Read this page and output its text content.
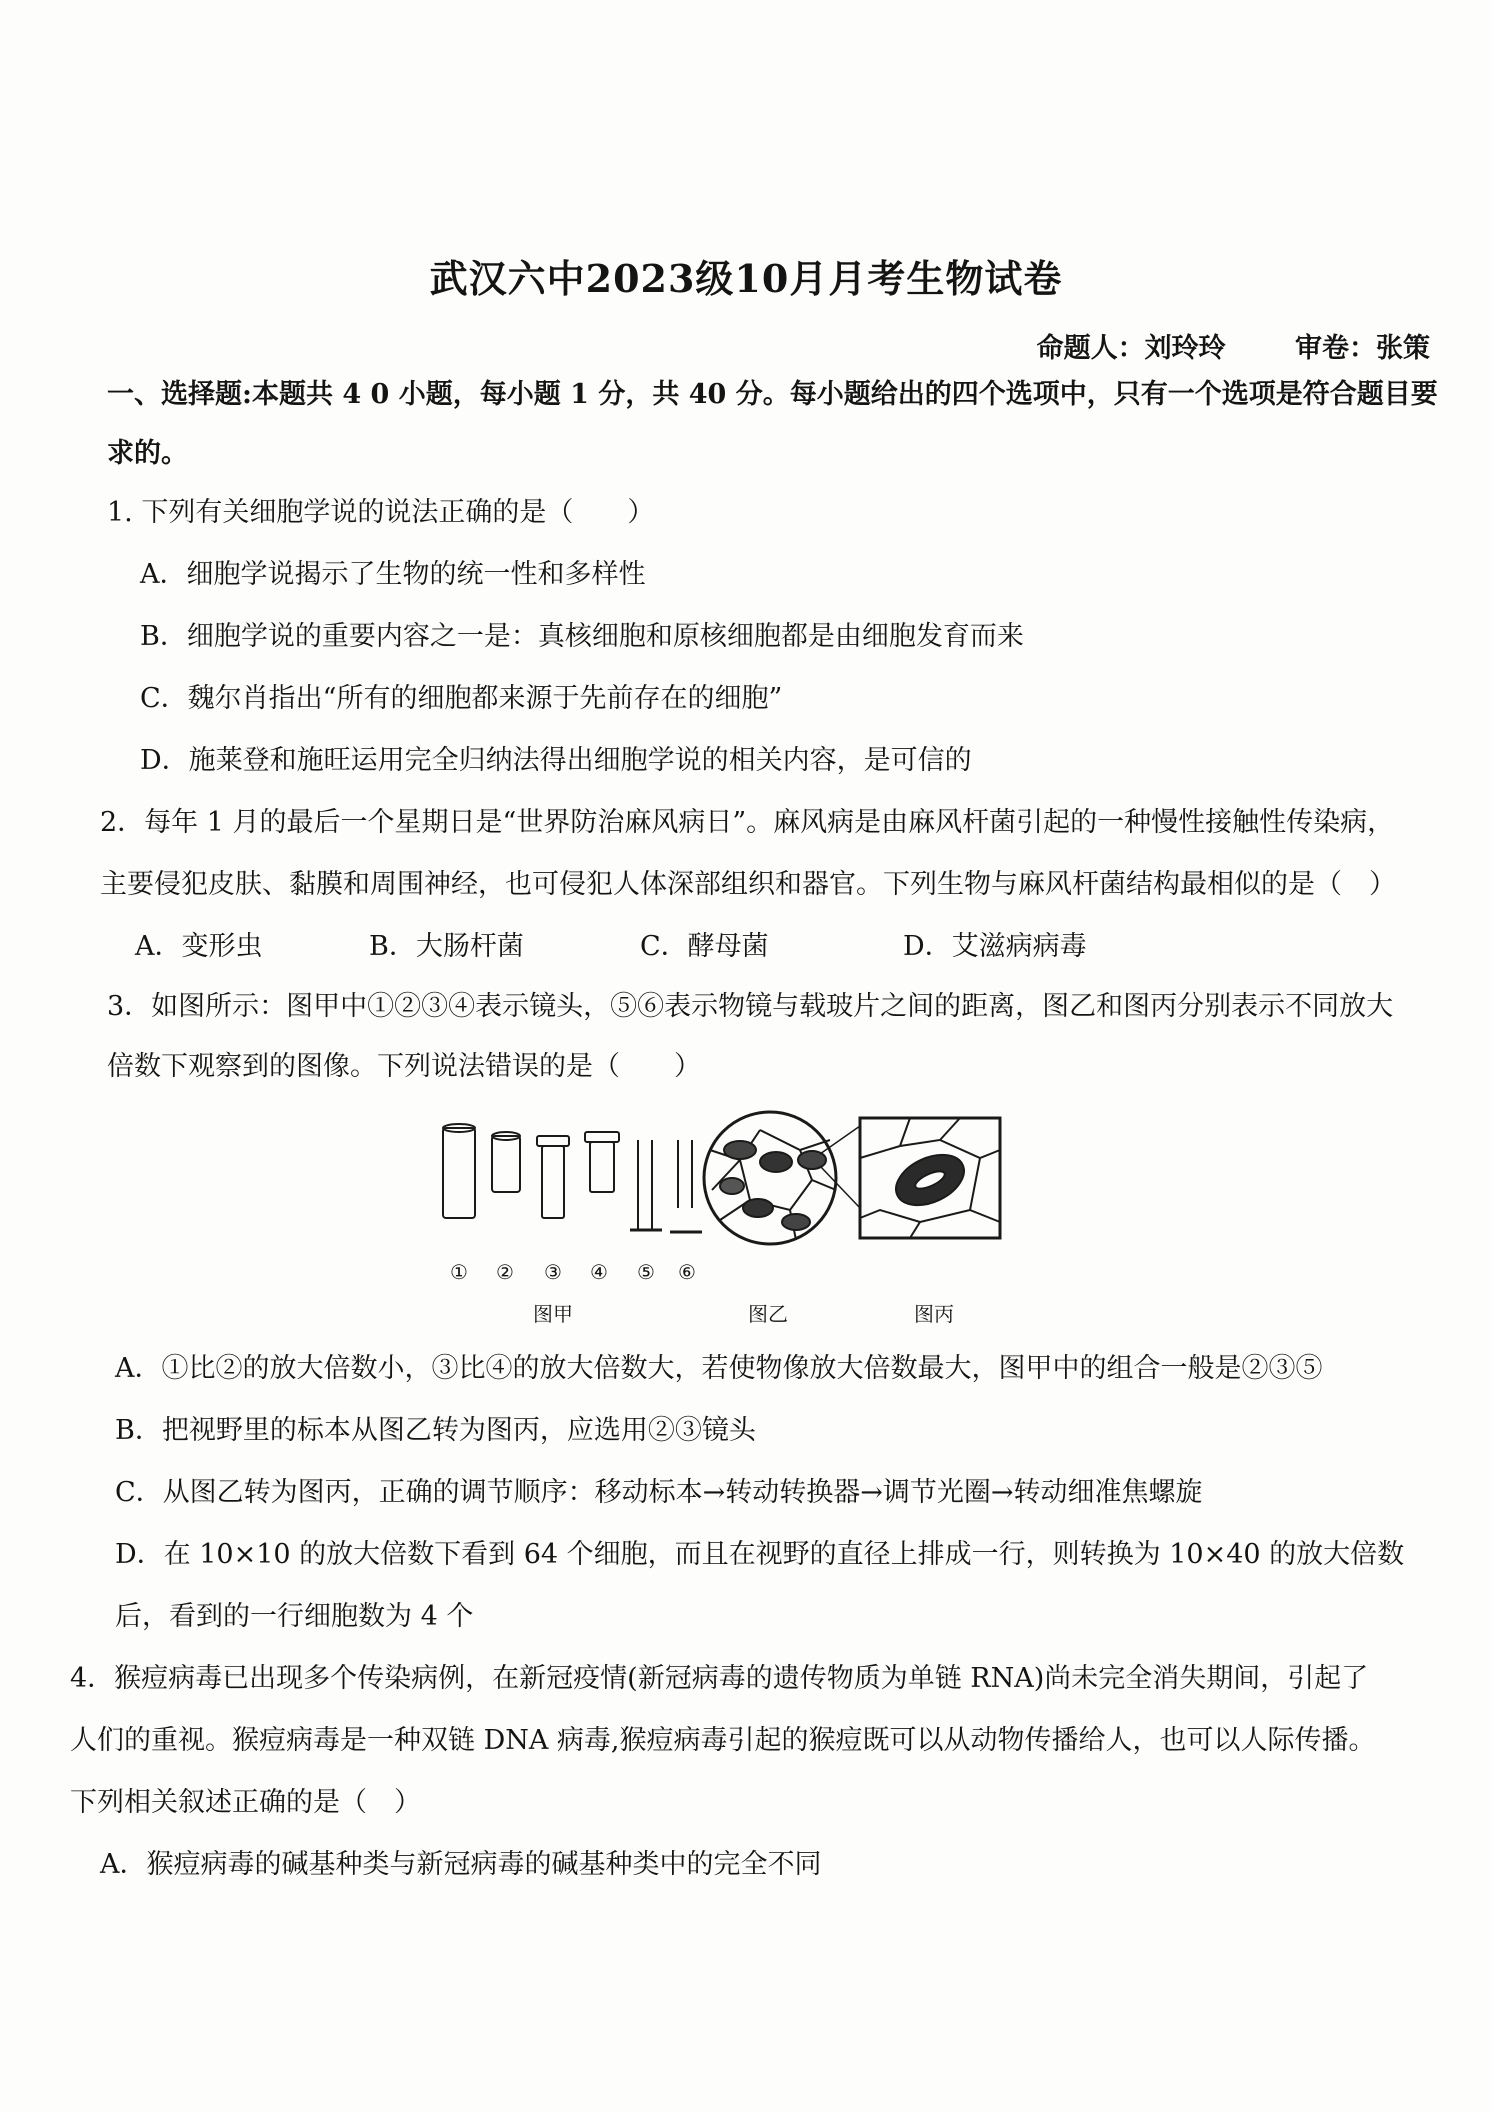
武汉六中2023级10月月考生物试卷
命题人：刘玲玲	审卷：张策
一、选择题:本题共 4 0 小题，每小题 1 分，共 40 分。每小题给出的四个选项中，只有一个选项是符合题目要
求的。
1. 下列有关细胞学说的说法正确的是（　　）
A．细胞学说揭示了生物的统一性和多样性
B．细胞学说的重要内容之一是：真核细胞和原核细胞都是由细胞发育而来
C．魏尔肖指出“所有的细胞都来源于先前存在的细胞”
D．施莱登和施旺运用完全归纳法得出细胞学说的相关内容，是可信的
2．每年 1 月的最后一个星期日是“世界防治麻风病日”。麻风病是由麻风杆菌引起的一种慢性接触性传染病，
主要侵犯皮肤、黏膜和周围神经，也可侵犯人体深部组织和器官。下列生物与麻风杆菌结构最相似的是（　）
A．变形虫	B．大肠杆菌	C．酵母菌	D．艾滋病病毒
3．如图所示：图甲中①②③④表示镜头，⑤⑥表示物镜与载玻片之间的距离，图乙和图丙分别表示不同放大
倍数下观察到的图像。下列说法错误的是（　　）
① ② ③ ④ ⑤ ⑥
图甲	图乙	图丙
A．①比②的放大倍数小，③比④的放大倍数大，若使物像放大倍数最大，图甲中的组合一般是②③⑤
B．把视野里的标本从图乙转为图丙，应选用②③镜头
C．从图乙转为图丙，正确的调节顺序：移动标本→转动转换器→调节光圈→转动细准焦螺旋
D．在 10×10 的放大倍数下看到 64 个细胞，而且在视野的直径上排成一行，则转换为 10×40 的放大倍数
后，看到的一行细胞数为 4 个
4．猴痘病毒已出现多个传染病例，在新冠疫情(新冠病毒的遗传物质为单链 RNA)尚未完全消失期间，引起了
人们的重视。猴痘病毒是一种双链 DNA 病毒,猴痘病毒引起的猴痘既可以从动物传播给人，也可以人际传播。
下列相关叙述正确的是（　）
A．猴痘病毒的碱基种类与新冠病毒的碱基种类中的完全不同
